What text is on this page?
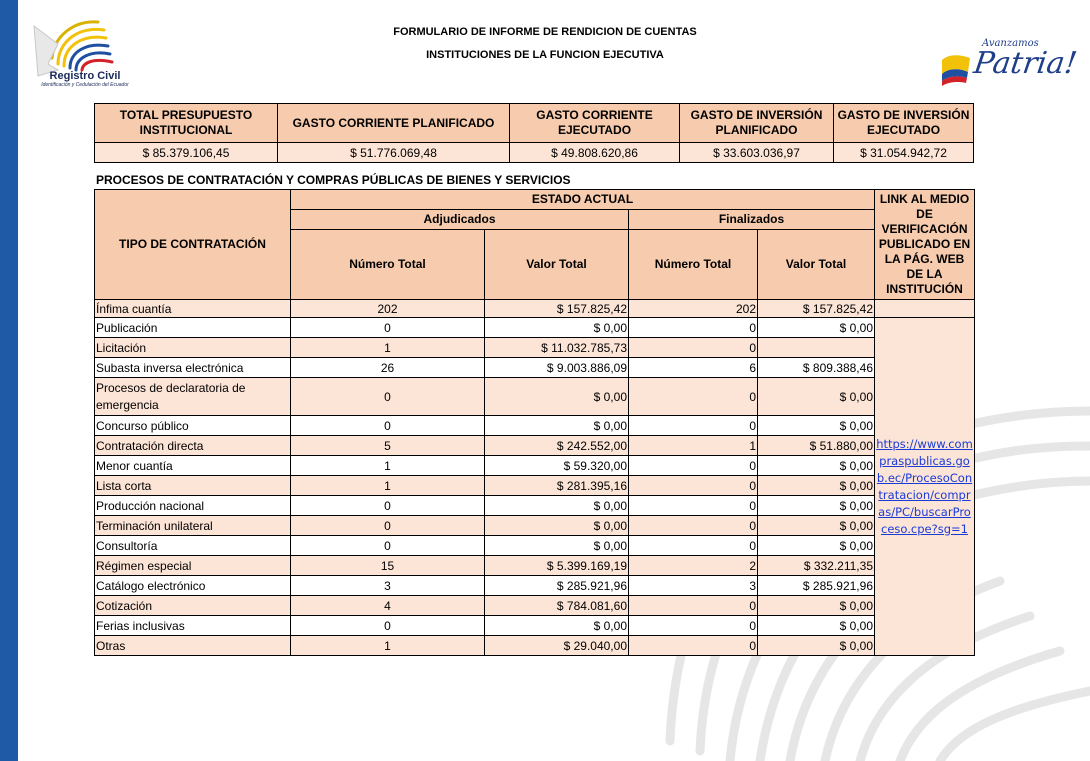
Registro Civil
Identificación y Cedulación del Ecuador
Avanzamos
Patria!
FORMULARIO DE INFORME DE RENDICION DE CUENTAS
INSTITUCIONES DE LA FUNCION EJECUTIVA
TOTAL PRESUPUESTO INSTITUCIONAL	GASTO CORRIENTE PLANIFICADO	GASTO CORRIENTE EJECUTADO	GASTO DE INVERSIÓN PLANIFICADO	GASTO DE INVERSIÓN EJECUTADO
$ 85.379.106,45	$ 51.776.069,48	$ 49.808.620,86	$ 33.603.036,97	$ 31.054.942,72
PROCESOS DE CONTRATACIÓN Y COMPRAS PÚBLICAS DE BIENES Y SERVICIOS
TIPO DE CONTRATACIÓN	ESTADO ACTUAL				LINK AL MEDIO DE VERIFICACIÓN PUBLICADO EN LA PÁG. WEB DE LA INSTITUCIÓN
	Adjudicados		Finalizados		
	Número Total	Valor Total	Número Total	Valor Total	
Ínfima cuantía	202	$ 157.825,42	202	$ 157.825,42	
Publicación	0	$ 0,00	0	$ 0,00	https://www.compraspublicas.gob.ec/ProcesoContratacion/compras/PC/buscarProceso.cpe?sg=1
Licitación	1	$ 11.032.785,73	0		
Subasta inversa electrónica	26	$ 9.003.886,09	6	$ 809.388,46	
Procesos de declaratoria de emergencia	0	$ 0,00	0	$ 0,00	
Concurso público	0	$ 0,00	0	$ 0,00	
Contratación directa	5	$ 242.552,00	1	$ 51.880,00	
Menor cuantía	1	$ 59.320,00	0	$ 0,00	
Lista corta	1	$ 281.395,16	0	$ 0,00	
Producción nacional	0	$ 0,00	0	$ 0,00	
Terminación unilateral	0	$ 0,00	0	$ 0,00	
Consultoría	0	$ 0,00	0	$ 0,00	
Régimen especial	15	$ 5.399.169,19	2	$ 332.211,35	
Catálogo electrónico	3	$ 285.921,96	3	$ 285.921,96	
Cotización	4	$ 784.081,60	0	$ 0,00	
Ferias inclusivas	0	$ 0,00	0	$ 0,00	
Otras	1	$ 29.040,00	0	$ 0,00	
